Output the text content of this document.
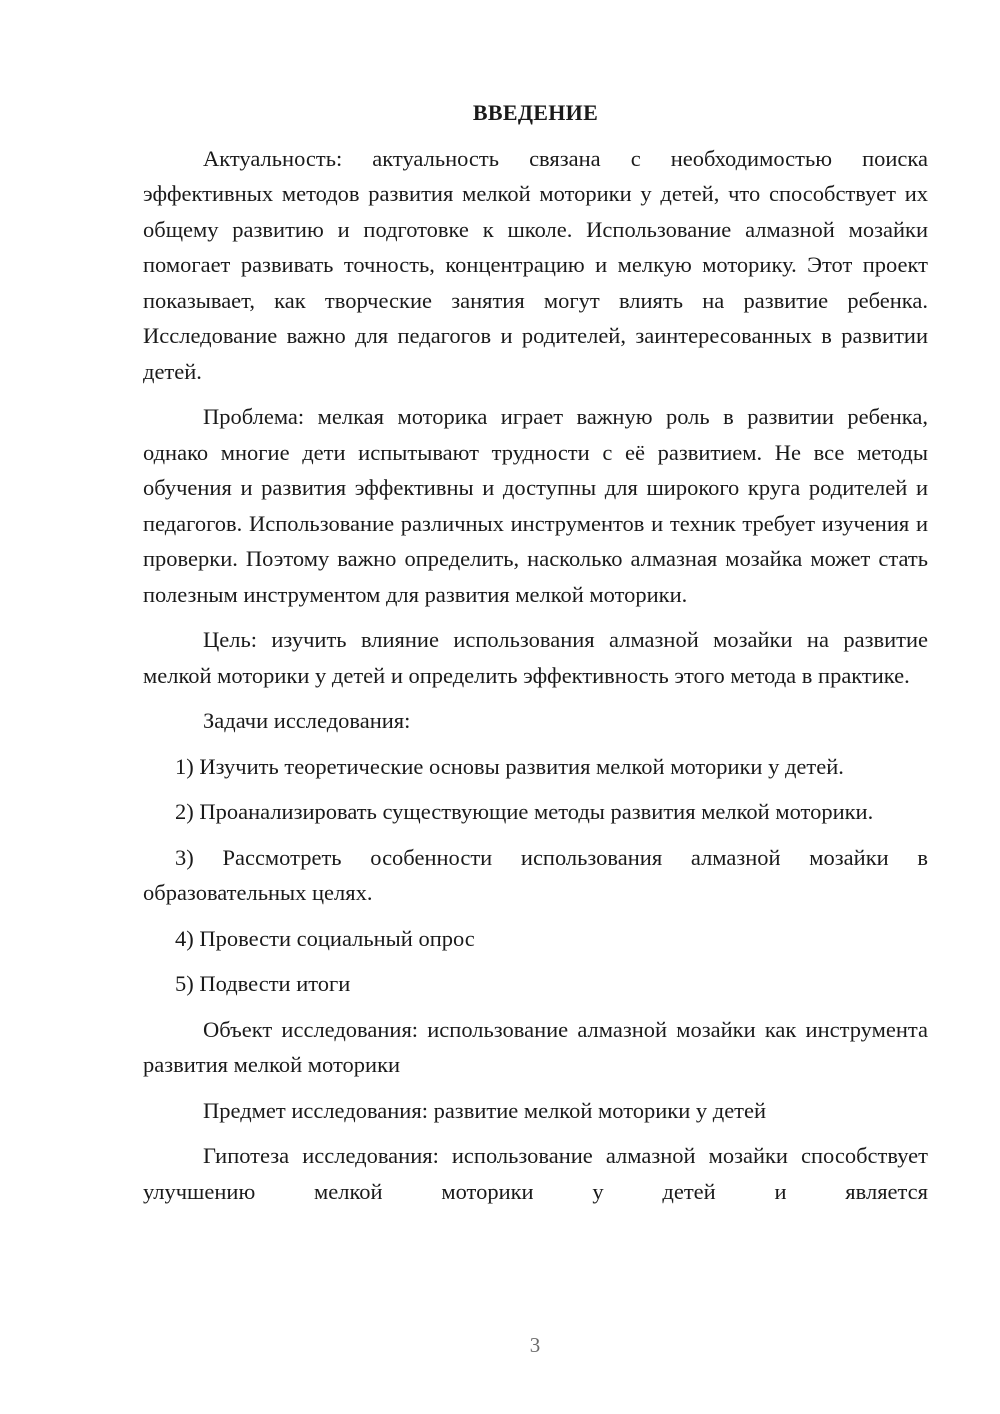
ВВЕДЕНИЕ

Актуальность: актуальность связана с необходимостью поиска эффективных методов развития мелкой моторики у детей, что способствует их общему развитию и подготовке к школе. Использование алмазной мозайки помогает развивать точность, концентрацию и мелкую моторику. Этот проект показывает, как творческие занятия могут влиять на развитие ребенка. Исследование важно для педагогов и родителей, заинтересованных в развитии детей.

Проблема: мелкая моторика играет важную роль в развитии ребенка, однако многие дети испытывают трудности с её развитием. Не все методы обучения и развития эффективны и доступны для широкого круга родителей и педагогов. Использование различных инструментов и техник требует изучения и проверки. Поэтому важно определить, насколько алмазная мозайка может стать полезным инструментом для развития мелкой моторики.

Цель: изучить влияние использования алмазной мозайки на развитие мелкой моторики у детей и определить эффективность этого метода в практике.

Задачи исследования:

1) Изучить теоретические основы развития мелкой моторики у детей.

2) Проанализировать существующие методы развития мелкой моторики.

3) Рассмотреть особенности использования алмазной мозайки в образовательных целях.

4) Провести социальный опрос

5) Подвести итоги

Объект исследования: использование алмазной мозайки как инструмента развития мелкой моторики

Предмет исследования: развитие мелкой моторики у детей

Гипотеза исследования: использование алмазной мозайки способствует улучшению мелкой моторики у детей и является

3
